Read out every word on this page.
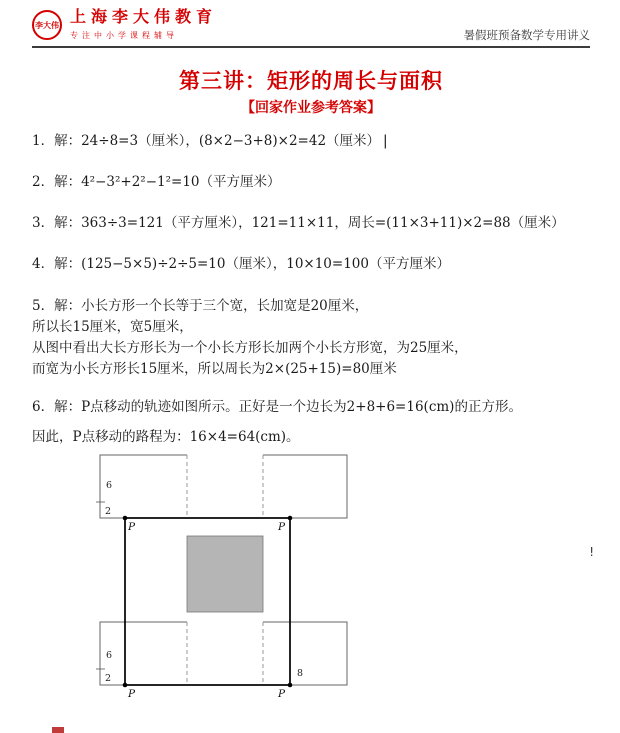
李大伟 上海李大伟教育
专注中小学课程辅导	暑假班预备数学专用讲义
第三讲：矩形的周长与面积
【回家作业参考答案】
1．解：24÷8=3（厘米），(8×2−3+8)×2=42（厘米） |
2．解：4²−3²+2²−1²=10（平方厘米）
3．解：363÷3=121（平方厘米），121=11×11，周长=(11×3+11)×2=88（厘米）
4．解：(125−5×5)÷2÷5=10（厘米），10×10=100（平方厘米）
5．解：小长方形一个长等于三个宽，长加宽是20厘米，
所以长15厘米，宽5厘米，
从图中看出大长方形长为一个小长方形长加两个小长方形宽，为25厘米，
而宽为小长方形长15厘米，所以周长为2×(25+15)=80厘米
6．解：P点移动的轨迹如图所示。正好是一个边长为2+8+6=16(cm)的正方形。
因此，P点移动的路程为：16×4=64(cm)。
6
2
6
2	8
P	P
P	P
!
